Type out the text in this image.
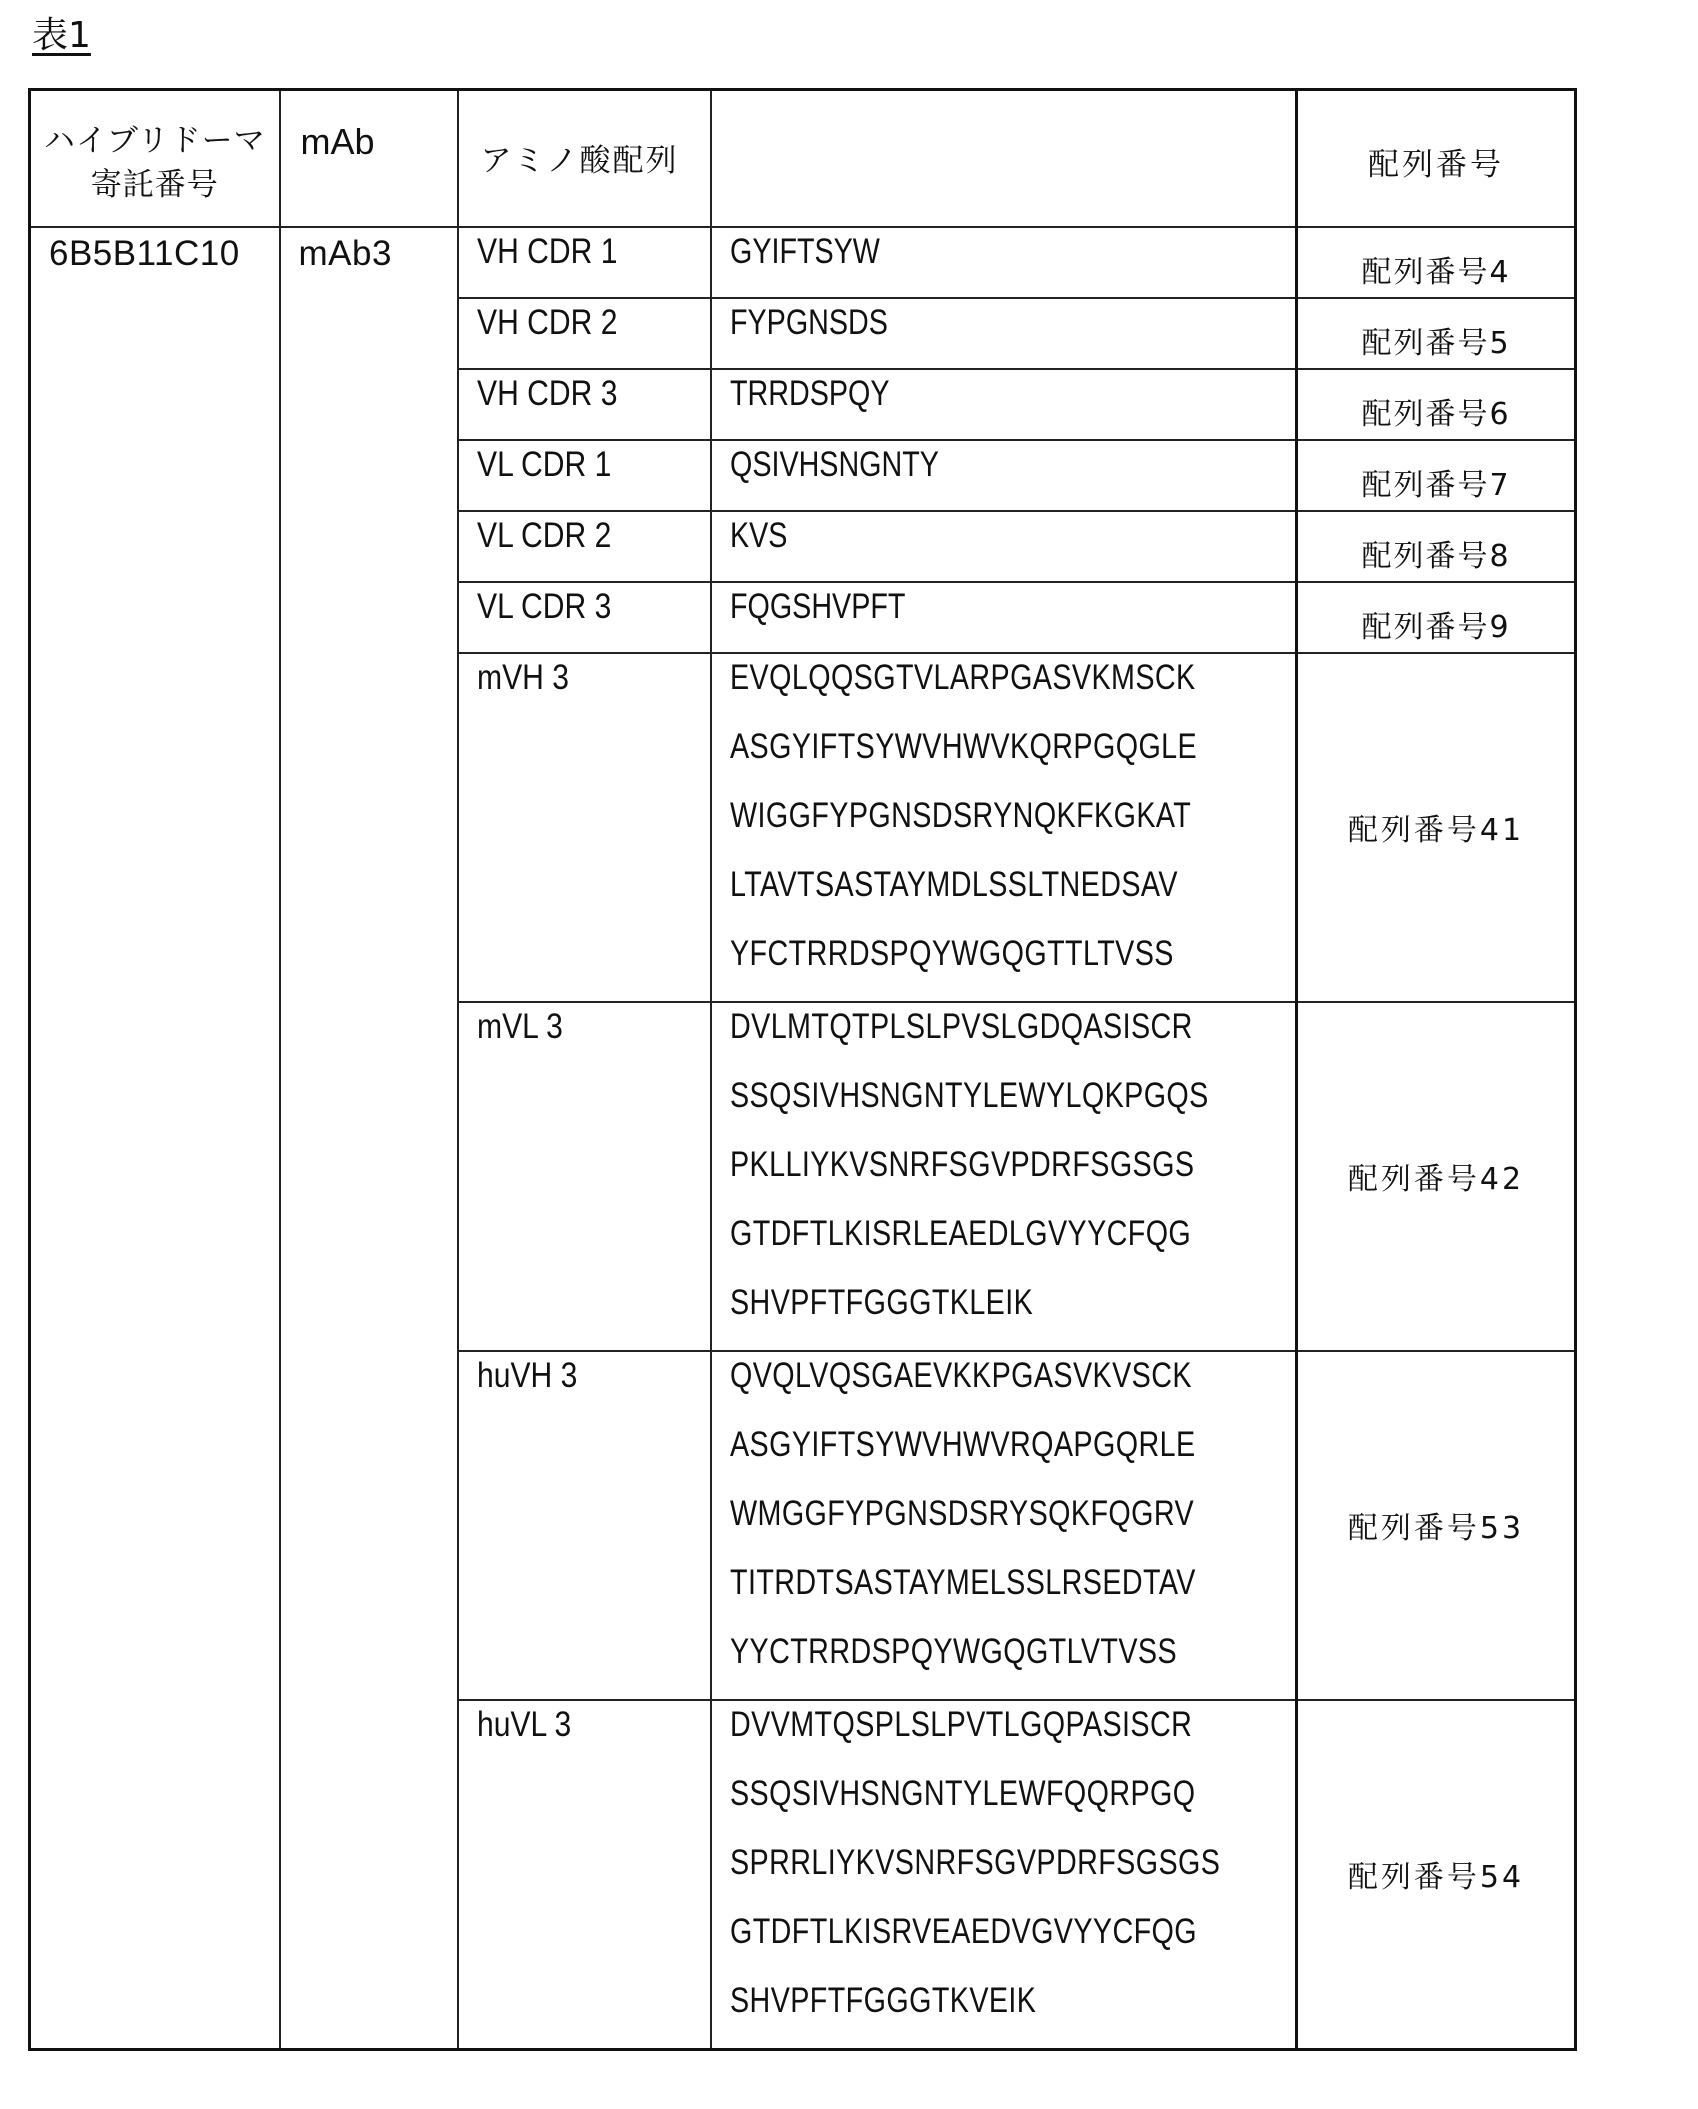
表1
ハイブリドーマ
寄託番号	mAb	アミノ酸配列		配列番号
6B5B11C10	mAb3	VH CDR 1	GYIFTSYW	配列番号4

		VH CDR 2	FYPGNSDS	配列番号5

		VH CDR 3	TRRDSPQY	配列番号6

		VL CDR 1	QSIVHSNGNTY	配列番号7

		VL CDR 2	KVS	配列番号8

		VL CDR 3	FQGSHVPFT	配列番号9

		mVH 3	EVQLQQSGTVLARPGASVKMSCK
ASGYIFTSYWVHWVKQRPGQGLE
WIGGFYPGNSDSRYNQKFKGKAT
LTAVTSASTAYMDLSSLTNEDSAV
YFCTRRDSPQYWGQGTTLTVSS	配列番号41

		mVL 3	DVLMTQTPLSLPVSLGDQASISCR
SSQSIVHSNGNTYLEWYLQKPGQS
PKLLIYKVSNRFSGVPDRFSGSGS
GTDFTLKISRLEAEDLGVYYCFQG
SHVPFTFGGGTKLEIK	配列番号42

		huVH 3	QVQLVQSGAEVKKPGASVKVSCK
ASGYIFTSYWVHWVRQAPGQRLE
WMGGFYPGNSDSRYSQKFQGRV
TITRDTSASTAYMELSSLRSEDTAV
YYCTRRDSPQYWGQGTLVTVSS	配列番号53

		huVL 3	DVVMTQSPLSLPVTLGQPASISCR
SSQSIVHSNGNTYLEWFQQRPGQ
SPRRLIYKVSNRFSGVPDRFSGSGS
GTDFTLKISRVEAEDVGVYYCFQG
SHVPFTFGGGTKVEIK	配列番号54
